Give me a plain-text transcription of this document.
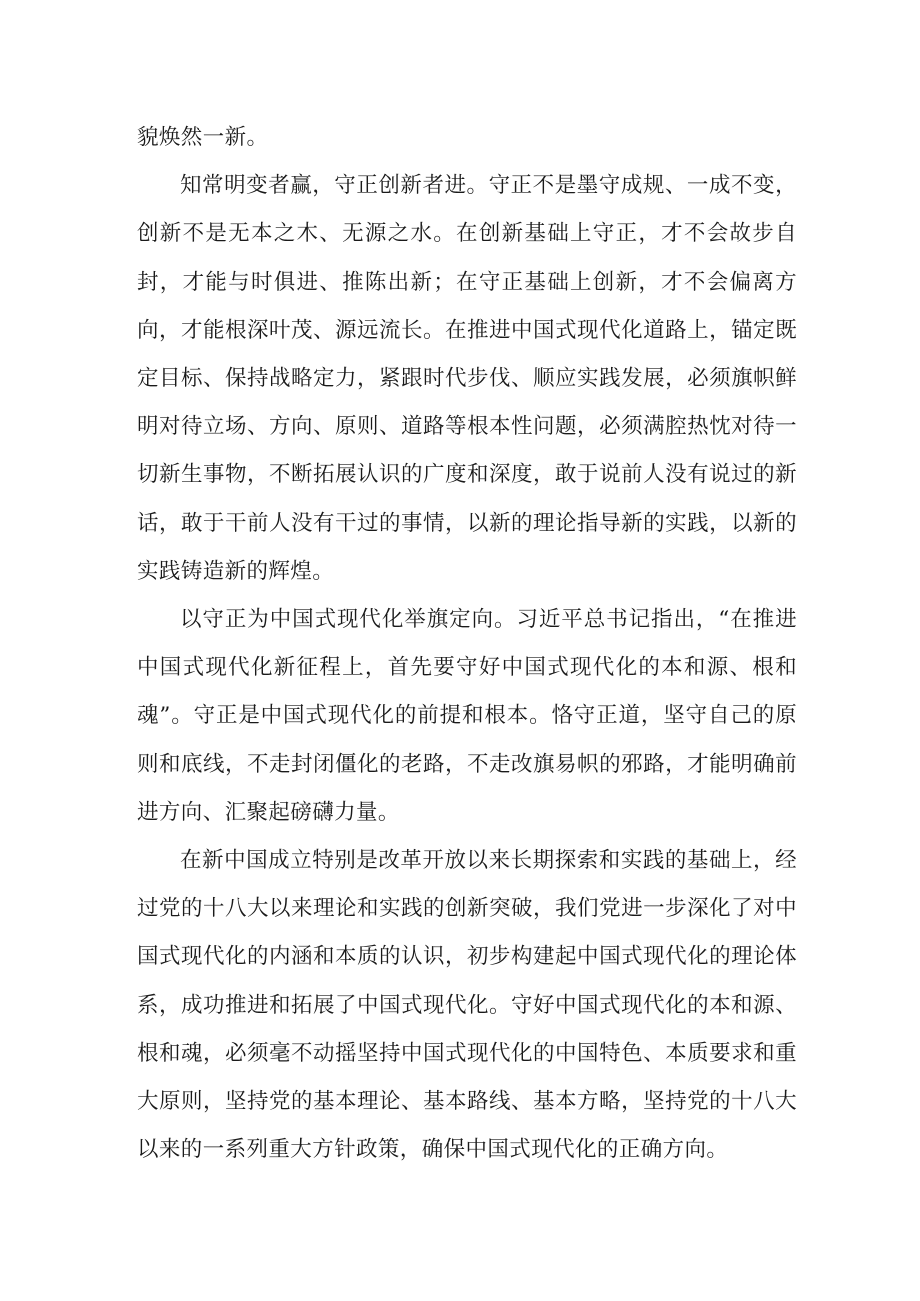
貌焕然一新。

知常明变者赢，守正创新者进。守正不是墨守成规、一成不变，创新不是无本之木、无源之水。在创新基础上守正，才不会故步自封，才能与时俱进、推陈出新；在守正基础上创新，才不会偏离方向，才能根深叶茂、源远流长。在推进中国式现代化道路上，锚定既定目标、保持战略定力，紧跟时代步伐、顺应实践发展，必须旗帜鲜明对待立场、方向、原则、道路等根本性问题，必须满腔热忱对待一切新生事物，不断拓展认识的广度和深度，敢于说前人没有说过的新话，敢于干前人没有干过的事情，以新的理论指导新的实践，以新的实践铸造新的辉煌。

以守正为中国式现代化举旗定向。习近平总书记指出，“在推进中国式现代化新征程上，首先要守好中国式现代化的本和源、根和魂”。守正是中国式现代化的前提和根本。恪守正道，坚守自己的原则和底线，不走封闭僵化的老路，不走改旗易帜的邪路，才能明确前进方向、汇聚起磅礴力量。

在新中国成立特别是改革开放以来长期探索和实践的基础上，经过党的十八大以来理论和实践的创新突破，我们党进一步深化了对中国式现代化的内涵和本质的认识，初步构建起中国式现代化的理论体系，成功推进和拓展了中国式现代化。守好中国式现代化的本和源、根和魂，必须毫不动摇坚持中国式现代化的中国特色、本质要求和重大原则，坚持党的基本理论、基本路线、基本方略，坚持党的十八大以来的一系列重大方针政策，确保中国式现代化的正确方向。
